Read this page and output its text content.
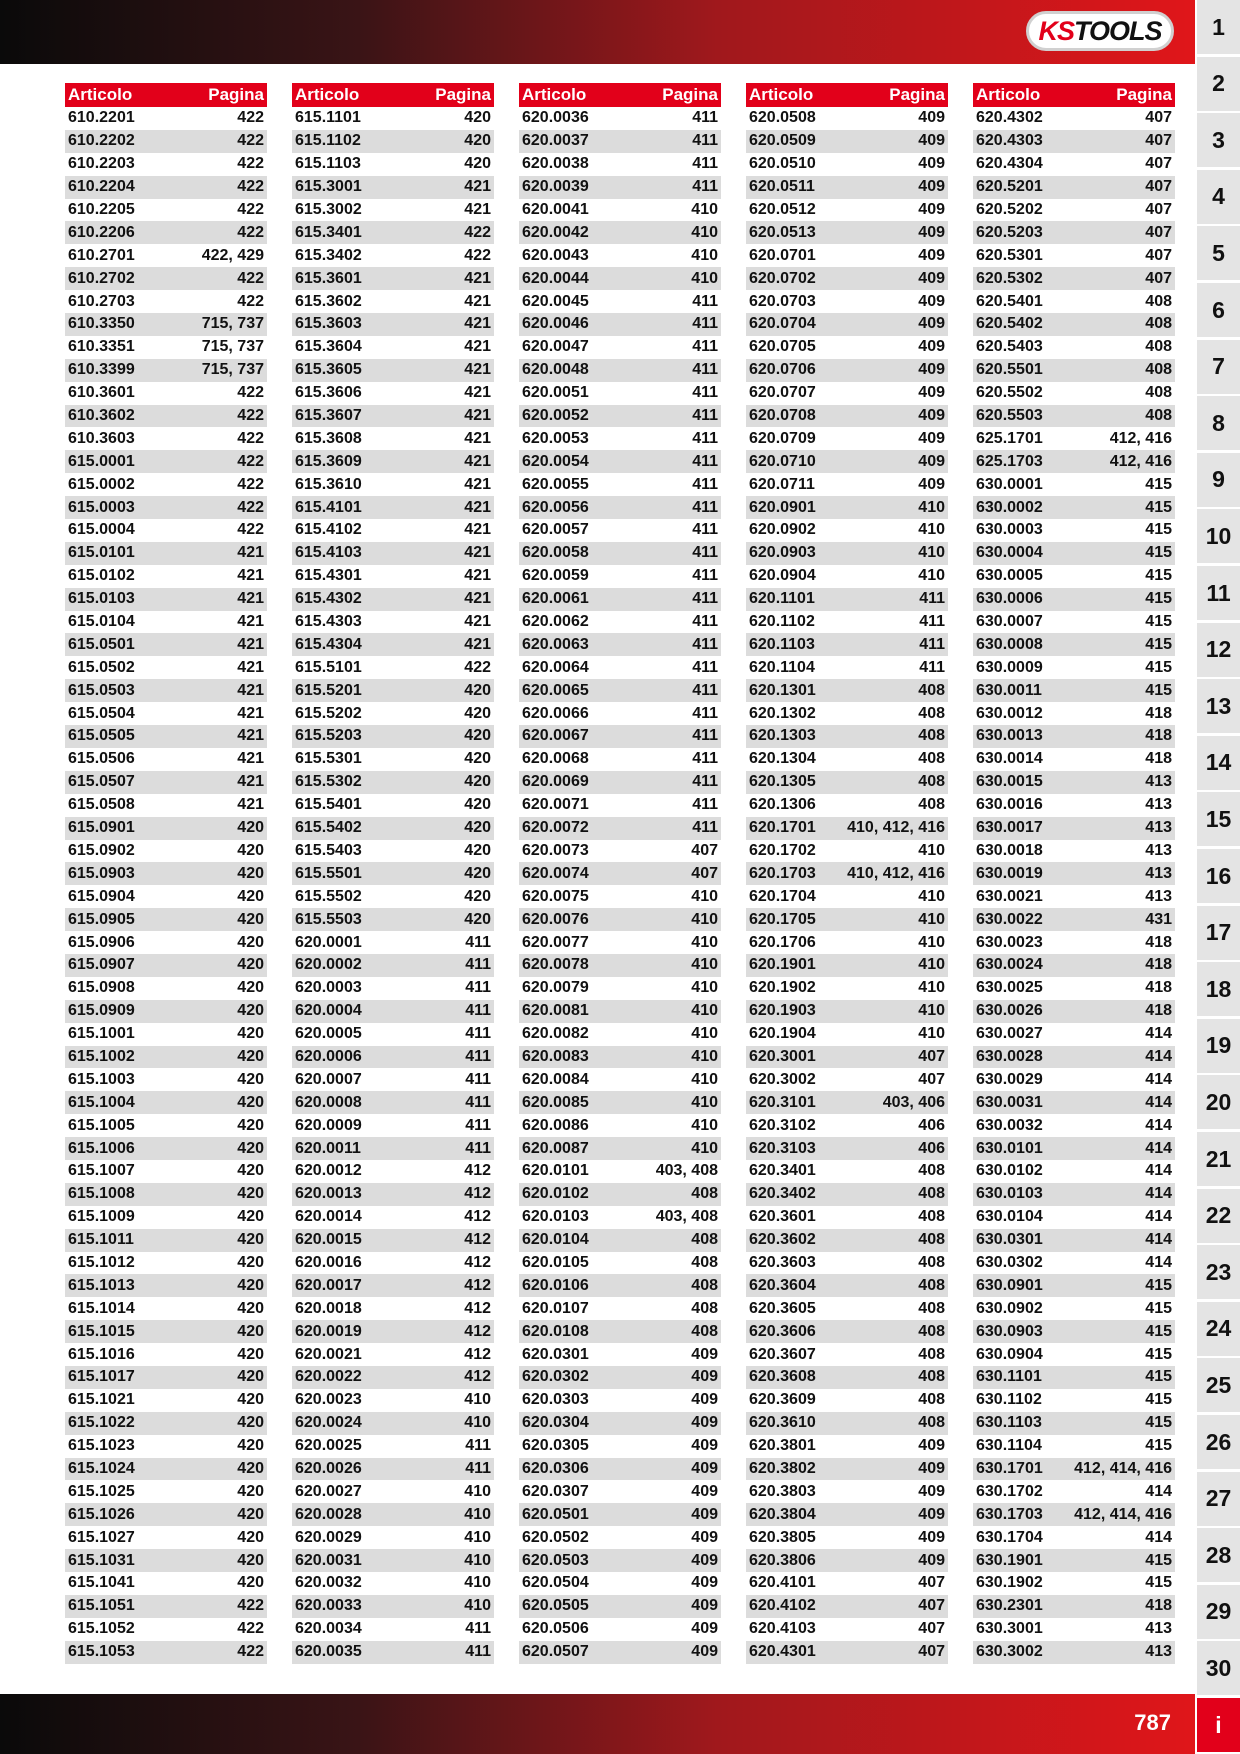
KS TOOLS
Articolo	Pagina
610.2201	422
610.2202	422
610.2203	422
610.2204	422
610.2205	422
610.2206	422
610.2701	422, 429
610.2702	422
610.2703	422
610.3350	715, 737
610.3351	715, 737
610.3399	715, 737
610.3601	422
610.3602	422
610.3603	422
615.0001	422
615.0002	422
615.0003	422
615.0004	422
615.0101	421
615.0102	421
615.0103	421
615.0104	421
615.0501	421
615.0502	421
615.0503	421
615.0504	421
615.0505	421
615.0506	421
615.0507	421
615.0508	421
615.0901	420
615.0902	420
615.0903	420
615.0904	420
615.0905	420
615.0906	420
615.0907	420
615.0908	420
615.0909	420
615.1001	420
615.1002	420
615.1003	420
615.1004	420
615.1005	420
615.1006	420
615.1007	420
615.1008	420
615.1009	420
615.1011	420
615.1012	420
615.1013	420
615.1014	420
615.1015	420
615.1016	420
615.1017	420
615.1021	420
615.1022	420
615.1023	420
615.1024	420
615.1025	420
615.1026	420
615.1027	420
615.1031	420
615.1041	420
615.1051	422
615.1052	422
615.1053	422
Articolo	Pagina
615.1101	420
615.1102	420
615.1103	420
615.3001	421
615.3002	421
615.3401	422
615.3402	422
615.3601	421
615.3602	421
615.3603	421
615.3604	421
615.3605	421
615.3606	421
615.3607	421
615.3608	421
615.3609	421
615.3610	421
615.4101	421
615.4102	421
615.4103	421
615.4301	421
615.4302	421
615.4303	421
615.4304	421
615.5101	422
615.5201	420
615.5202	420
615.5203	420
615.5301	420
615.5302	420
615.5401	420
615.5402	420
615.5403	420
615.5501	420
615.5502	420
615.5503	420
620.0001	411
620.0002	411
620.0003	411
620.0004	411
620.0005	411
620.0006	411
620.0007	411
620.0008	411
620.0009	411
620.0011	411
620.0012	412
620.0013	412
620.0014	412
620.0015	412
620.0016	412
620.0017	412
620.0018	412
620.0019	412
620.0021	412
620.0022	412
620.0023	410
620.0024	410
620.0025	411
620.0026	411
620.0027	410
620.0028	410
620.0029	410
620.0031	410
620.0032	410
620.0033	410
620.0034	411
620.0035	411
Articolo	Pagina
620.0036	411
620.0037	411
620.0038	411
620.0039	411
620.0041	410
620.0042	410
620.0043	410
620.0044	410
620.0045	411
620.0046	411
620.0047	411
620.0048	411
620.0051	411
620.0052	411
620.0053	411
620.0054	411
620.0055	411
620.0056	411
620.0057	411
620.0058	411
620.0059	411
620.0061	411
620.0062	411
620.0063	411
620.0064	411
620.0065	411
620.0066	411
620.0067	411
620.0068	411
620.0069	411
620.0071	411
620.0072	411
620.0073	407
620.0074	407
620.0075	410
620.0076	410
620.0077	410
620.0078	410
620.0079	410
620.0081	410
620.0082	410
620.0083	410
620.0084	410
620.0085	410
620.0086	410
620.0087	410
620.0101	403, 408
620.0102	408
620.0103	403, 408
620.0104	408
620.0105	408
620.0106	408
620.0107	408
620.0108	408
620.0301	409
620.0302	409
620.0303	409
620.0304	409
620.0305	409
620.0306	409
620.0307	409
620.0501	409
620.0502	409
620.0503	409
620.0504	409
620.0505	409
620.0506	409
620.0507	409
Articolo	Pagina
620.0508	409
620.0509	409
620.0510	409
620.0511	409
620.0512	409
620.0513	409
620.0701	409
620.0702	409
620.0703	409
620.0704	409
620.0705	409
620.0706	409
620.0707	409
620.0708	409
620.0709	409
620.0710	409
620.0711	409
620.0901	410
620.0902	410
620.0903	410
620.0904	410
620.1101	411
620.1102	411
620.1103	411
620.1104	411
620.1301	408
620.1302	408
620.1303	408
620.1304	408
620.1305	408
620.1306	408
620.1701 410, 412, 416
620.1702	410
620.1703 410, 412, 416
620.1704	410
620.1705	410
620.1706	410
620.1901	410
620.1902	410
620.1903	410
620.1904	410
620.3001	407
620.3002	407
620.3101	403, 406
620.3102	406
620.3103	406
620.3401	408
620.3402	408
620.3601	408
620.3602	408
620.3603	408
620.3604	408
620.3605	408
620.3606	408
620.3607	408
620.3608	408
620.3609	408
620.3610	408
620.3801	409
620.3802	409
620.3803	409
620.3804	409
620.3805	409
620.3806	409
620.4101	407
620.4102	407
620.4103	407
620.4301	407
Articolo	Pagina
620.4302	407
620.4303	407
620.4304	407
620.5201	407
620.5202	407
620.5203	407
620.5301	407
620.5302	407
620.5401	408
620.5402	408
620.5403	408
620.5501	408
620.5502	408
620.5503	408
625.1701	412, 416
625.1703	412, 416
630.0001	415
630.0002	415
630.0003	415
630.0004	415
630.0005	415
630.0006	415
630.0007	415
630.0008	415
630.0009	415
630.0011	415
630.0012	418
630.0013	418
630.0014	418
630.0015	413
630.0016	413
630.0017	413
630.0018	413
630.0019	413
630.0021	413
630.0022	431
630.0023	418
630.0024	418
630.0025	418
630.0026	418
630.0027	414
630.0028	414
630.0029	414
630.0031	414
630.0032	414
630.0101	414
630.0102	414
630.0103	414
630.0104	414
630.0301	414
630.0302	414
630.0901	415
630.0902	415
630.0903	415
630.0904	415
630.1101	415
630.1102	415
630.1103	415
630.1104	415
630.1701 412, 414, 416
630.1702	414
630.1703 412, 414, 416
630.1704	414
630.1901	415
630.1902	415
630.2301	418
630.3001	413
630.3002	413
787
1
2
3
4
5
6
7
8
9
10
11
12
13
14
15
16
17
18
19
20
21
22
23
24
25
26
27
28
29
30
i
